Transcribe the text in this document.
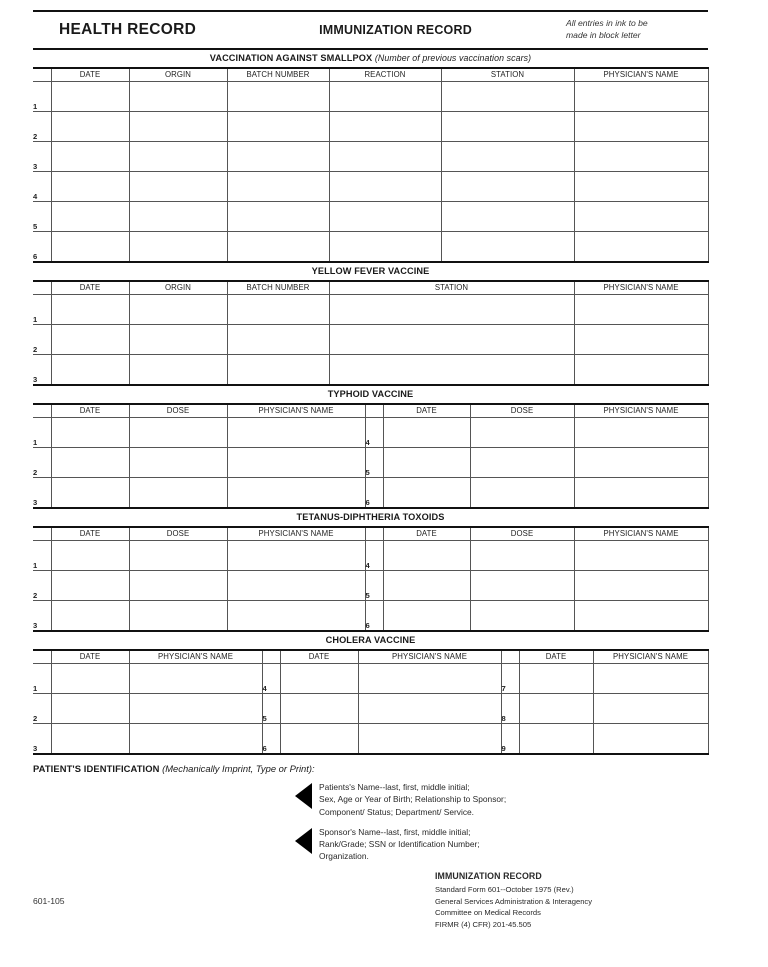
HEALTH RECORD	IMMUNIZATION RECORD	All entries in ink to be
made in block letter
VACCINATION AGAINST SMALLPOX (Number of previous vaccination scars)
	DATE	ORGIN	BATCH NUMBER	REACTION	STATION	PHYSICIAN'S NAME
1						
2						
3						
4						
5						
6						
YELLOW FEVER VACCINE
	DATE	ORGIN	BATCH NUMBER	STATION	PHYSICIAN'S NAME
1					
2					
3					
TYPHOID VACCINE
	DATE	DOSE	PHYSICIAN'S NAME		DATE	DOSE	PHYSICIAN'S NAME
1				4			
2				5			
3				6			
TETANUS-DIPHTHERIA TOXOIDS
	DATE	DOSE	PHYSICIAN'S NAME		DATE	DOSE	PHYSICIAN'S NAME
1				4			
2				5			
3				6			
CHOLERA VACCINE
	DATE	PHYSICIAN'S NAME		DATE	PHYSICIAN'S NAME		DATE	PHYSICIAN'S NAME
1			4			7		
2			5			8		
3			6			9		
PATIENT'S IDENTIFICATION (Mechanically Imprint, Type or Print):
Patients's Name--last, first, middle initial;
Sex, Age or Year of Birth; Relationship to Sponsor;
Component/ Status; Department/ Service.
Sponsor's Name--last, first, middle initial;
Rank/Grade; SSN or Identification Number;
Organization.
601-105
IMMUNIZATION RECORD
Standard Form 601--October 1975 (Rev.)
General Services Administration & Interagency
Committee on Medical Records
FIRMR (4) CFR) 201-45.505
